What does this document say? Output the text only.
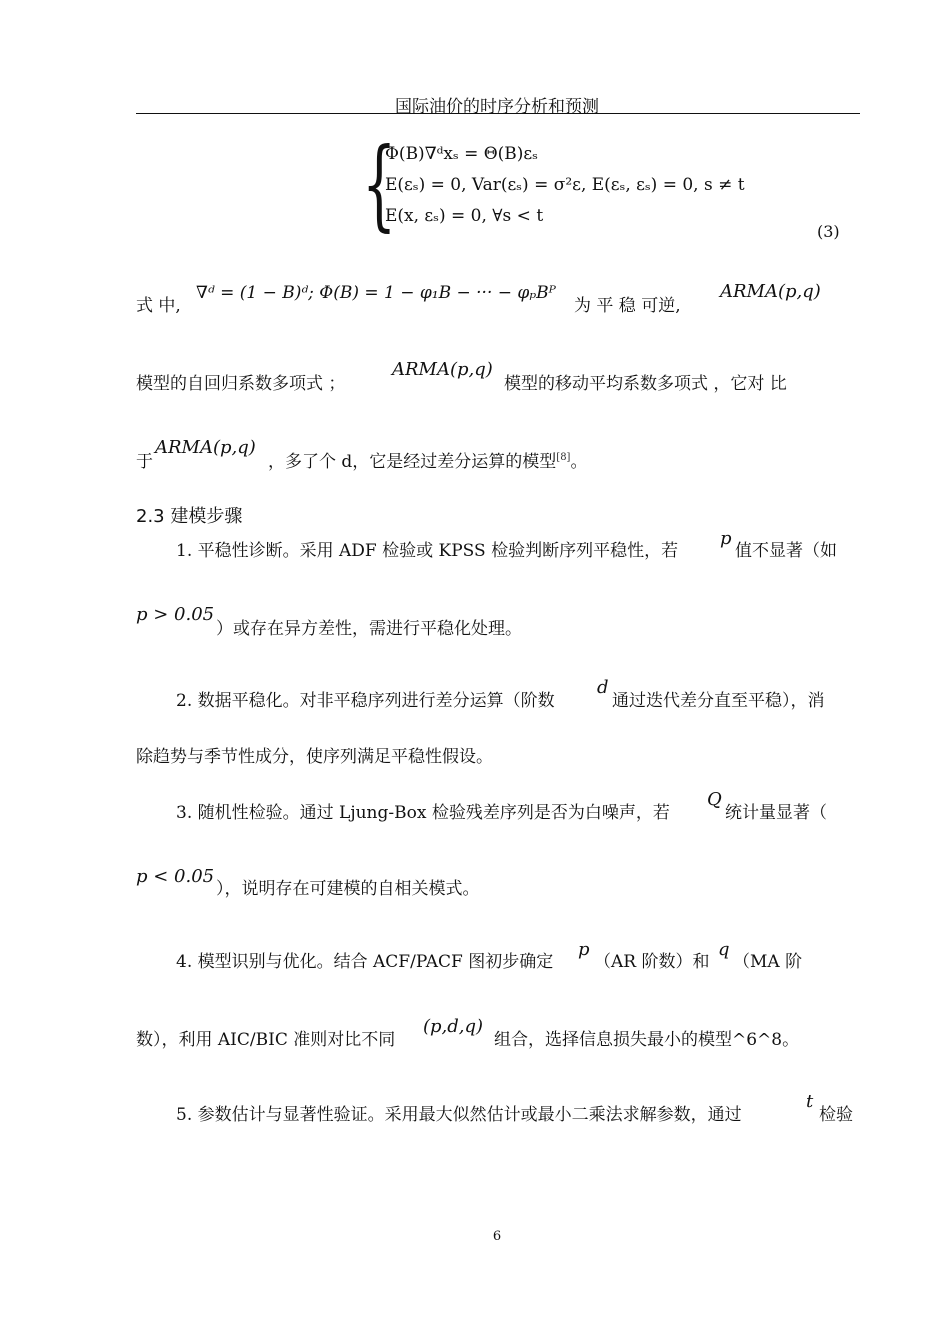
国际油价的时序分析和预测
{
Φ(B)∇ᵈxₛ = Θ(B)εₛ
E(εₛ) = 0, Var(εₛ) = σ²ε, E(εₛ, εₛ) = 0, s ≠ t
E(x, εₛ) = 0, ∀s < t
(3)
式 中,
∇ᵈ = (1 − B)ᵈ; Φ(B) = 1 − φ₁B − ··· − φₚBᴾ
为 平 稳 可逆,
ARMA(p,q)
模型的自回归系数多项式 ；
ARMA(p,q)
模型的移动平均系数多项式 ，它对 比
于
ARMA(p,q)
，多了个 d，它是经过差分运算的模型[8]。
2.3 建模步骤
1. 平稳性诊断。采用 ADF 检验或 KPSS 检验判断序列平稳性，若
p
值不显著（如
p > 0.05
）或存在异方差性，需进行平稳化处理。
2. 数据平稳化。对非平稳序列进行差分运算（阶数
d
通过迭代差分直至平稳），消
除趋势与季节性成分，使序列满足平稳性假设。
3. 随机性检验。通过 Ljung-Box 检验残差序列是否为白噪声，若
Q
统计量显著（
p < 0.05
），说明存在可建模的自相关模式。
4. 模型识别与优化。结合 ACF/PACF 图初步确定
p
（AR 阶数）和
q
（MA 阶
数），利用 AIC/BIC 准则对比不同
(p,d,q)
组合，选择信息损失最小的模型^6^8。
5. 参数估计与显著性验证。采用最大似然估计或最小二乘法求解参数，通过
t
检验
6
